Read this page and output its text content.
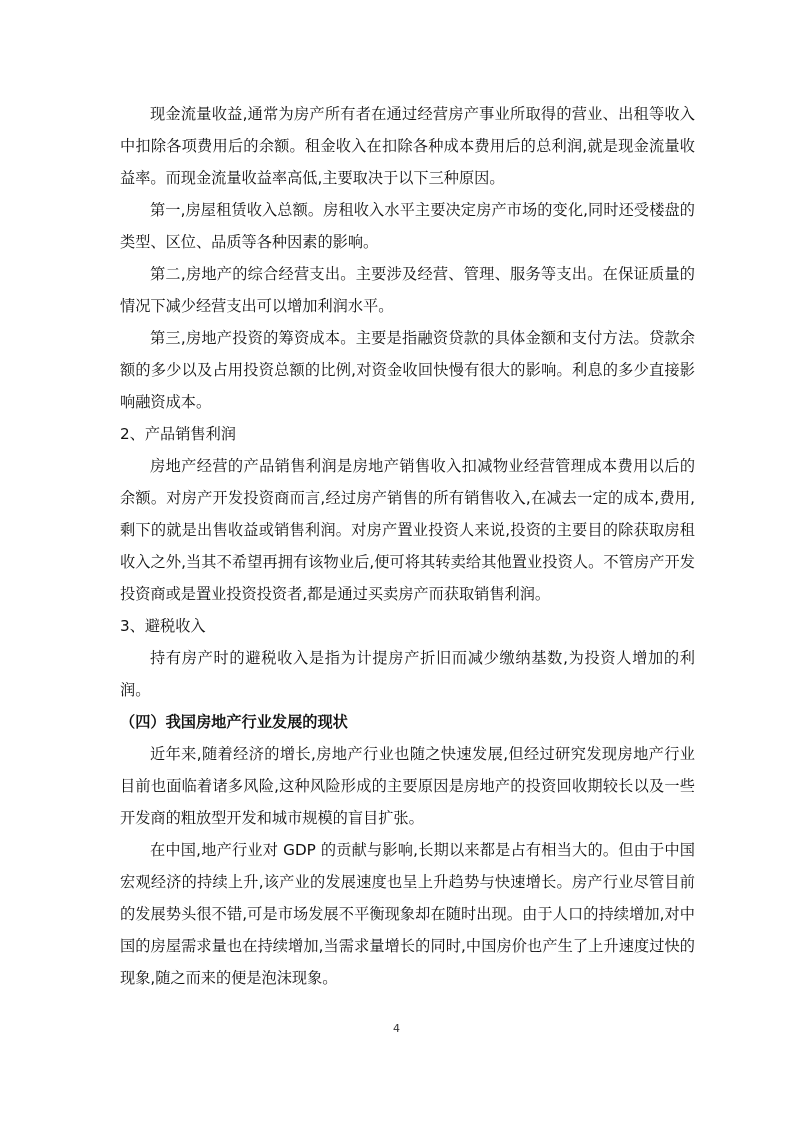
现金流量收益,通常为房产所有者在通过经营房产事业所取得的营业、出租等收入中扣除各项费用后的余额。租金收入在扣除各种成本费用后的总利润,就是现金流量收益率。而现金流量收益率高低,主要取决于以下三种原因。

第一,房屋租赁收入总额。房租收入水平主要决定房产市场的变化,同时还受楼盘的类型、区位、品质等各种因素的影响。

第二,房地产的综合经营支出。主要涉及经营、管理、服务等支出。在保证质量的情况下减少经营支出可以增加利润水平。

第三,房地产投资的筹资成本。主要是指融资贷款的具体金额和支付方法。贷款余额的多少以及占用投资总额的比例,对资金收回快慢有很大的影响。利息的多少直接影响融资成本。

2、产品销售利润

房地产经营的产品销售利润是房地产销售收入扣减物业经营管理成本费用以后的余额。对房产开发投资商而言,经过房产销售的所有销售收入,在减去一定的成本,费用,剩下的就是出售收益或销售利润。对房产置业投资人来说,投资的主要目的除获取房租收入之外,当其不希望再拥有该物业后,便可将其转卖给其他置业投资人。不管房产开发投资商或是置业投资投资者,都是通过买卖房产而获取销售利润。

3、避税收入

持有房产时的避税收入是指为计提房产折旧而减少缴纳基数,为投资人增加的利润。

（四）我国房地产行业发展的现状

近年来,随着经济的增长,房地产行业也随之快速发展,但经过研究发现房地产行业目前也面临着诸多风险,这种风险形成的主要原因是房地产的投资回收期较长以及一些开发商的粗放型开发和城市规模的盲目扩张。

在中国,地产行业对 GDP 的贡献与影响,长期以来都是占有相当大的。但由于中国宏观经济的持续上升,该产业的发展速度也呈上升趋势与快速增长。房产行业尽管目前的发展势头很不错,可是市场发展不平衡现象却在随时出现。由于人口的持续增加,对中国的房屋需求量也在持续增加,当需求量增长的同时,中国房价也产生了上升速度过快的现象,随之而来的便是泡沫现象。

4
